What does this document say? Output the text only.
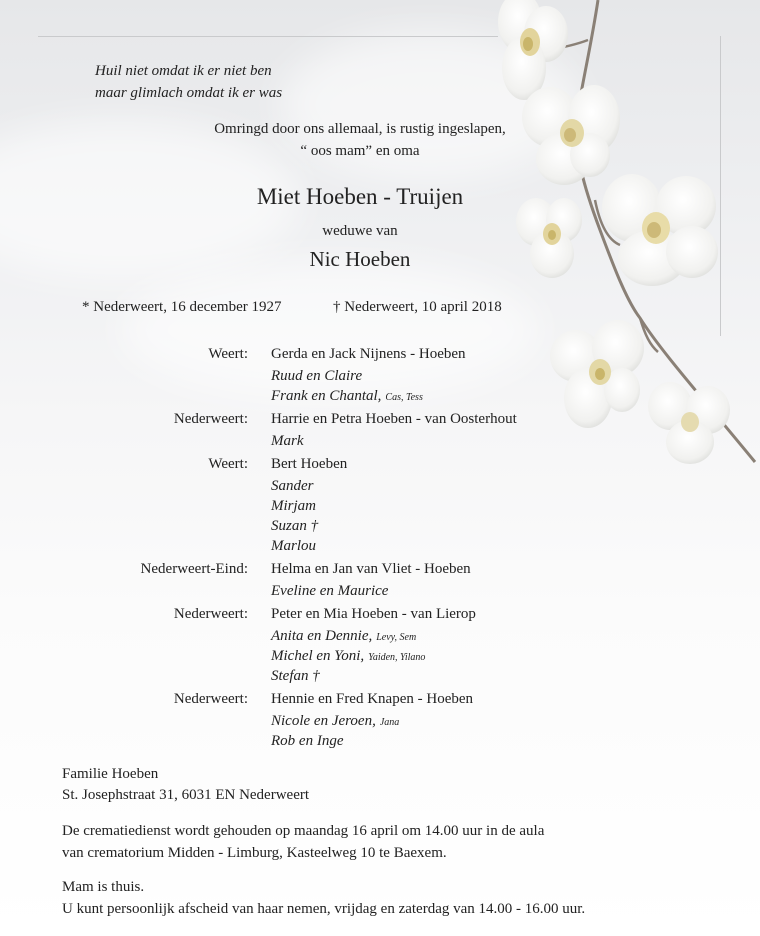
Huil niet omdat ik er niet ben
maar glimlach omdat ik er was
Omringd door ons allemaal, is rustig ingeslapen,
“ oos mam” en oma
Miet Hoeben - Truijen
weduwe van
Nic Hoeben
* Nederweert, 16 december 1927	† Nederweert, 10 april 2018
Weert: Gerda en Jack Nijnens - Hoeben
Ruud en Claire
Frank en Chantal, Cas, Tess
Nederweert: Harrie en Petra Hoeben - van Oosterhout
Mark
Weert: Bert Hoeben
Sander
Mirjam
Suzan †
Marlou
Nederweert-Eind: Helma en Jan van Vliet - Hoeben
Eveline en Maurice
Nederweert: Peter en Mia Hoeben - van Lierop
Anita en Dennie, Levy, Sem
Michel en Yoni, Yaiden, Yilano
Stefan †
Nederweert: Hennie en Fred Knapen - Hoeben
Nicole en Jeroen, Jana
Rob en Inge
Familie Hoeben
St. Josephstraat 31, 6031 EN Nederweert
De crematiedienst wordt gehouden op maandag 16 april om 14.00 uur in de aula
van crematorium Midden - Limburg, Kasteelweg 10 te Baexem.
Mam is thuis.
U kunt persoonlijk afscheid van haar nemen, vrijdag en zaterdag van 14.00 - 16.00 uur.
